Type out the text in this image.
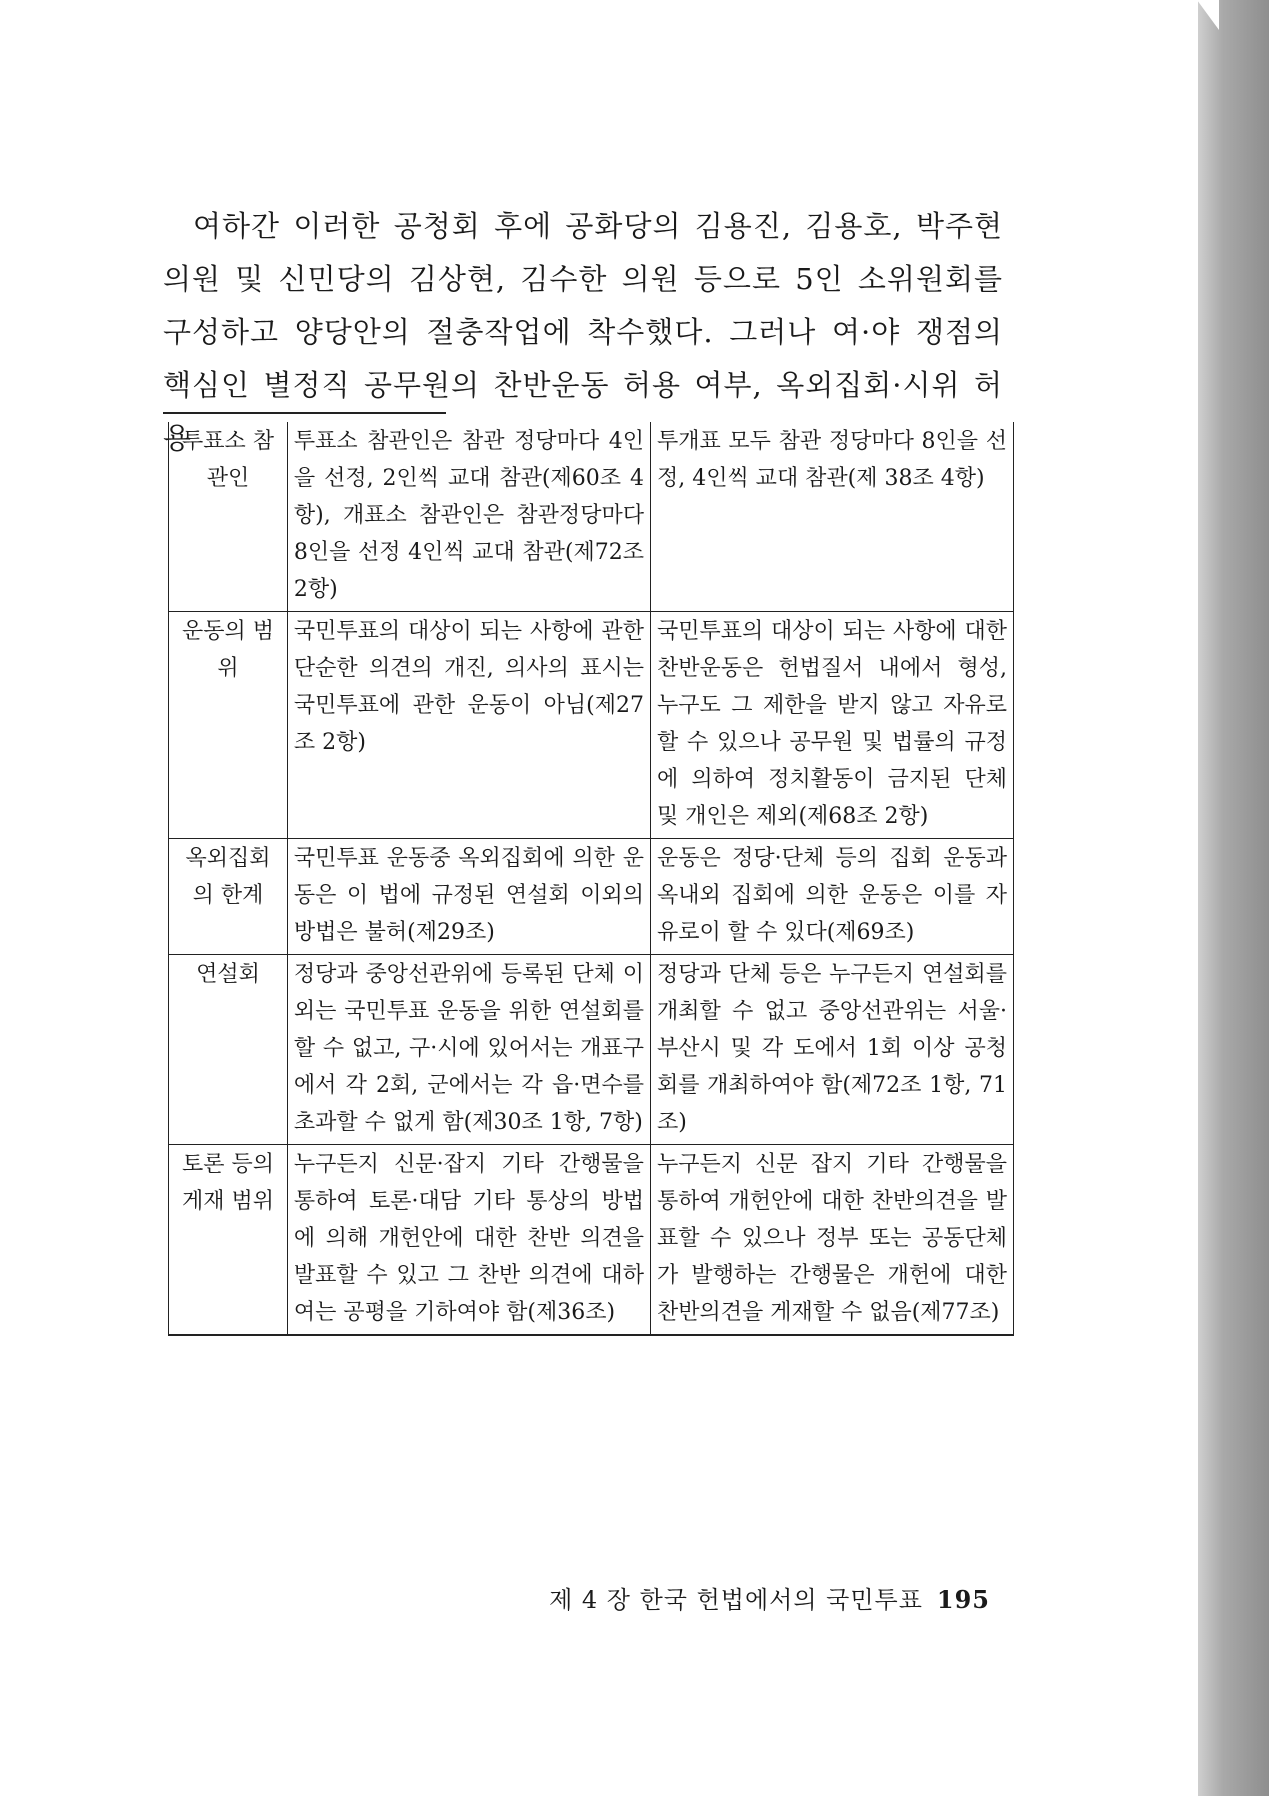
여하간 이러한 공청회 후에 공화당의 김용진, 김용호, 박주현 의원 및 신민당의 김상현, 김수한 의원 등으로 5인 소위원회를 구성하고 양당안의 절충작업에 착수했다. 그러나 여·야 쟁점의 핵심인 별정직 공무원의 찬반운동 허용 여부, 옥외집회·시위 허용

투표소 참관인	투표소 참관인은 참관 정당마다 4인을 선정, 2인씩 교대 참관(제60조 4항), 개표소 참관인은 참관정당마다 8인을 선정 4인씩 교대 참관(제72조 2항)	투개표 모두 참관 정당마다 8인을 선정, 4인씩 교대 참관(제 38조 4항)
운동의 범위	국민투표의 대상이 되는 사항에 관한 단순한 의견의 개진, 의사의 표시는 국민투표에 관한 운동이 아님(제27조 2항)	국민투표의 대상이 되는 사항에 대한 찬반운동은 헌법질서 내에서 형성, 누구도 그 제한을 받지 않고 자유로 할 수 있으나 공무원 및 법률의 규정에 의하여 정치활동이 금지된 단체 및 개인은 제외(제68조 2항)
옥외집회의 한계	국민투표 운동중 옥외집회에 의한 운동은 이 법에 규정된 연설회 이외의 방법은 불허(제29조)	운동은 정당·단체 등의 집회 운동과 옥내외 집회에 의한 운동은 이를 자유로이 할 수 있다(제69조)
연설회	정당과 중앙선관위에 등록된 단체 이외는 국민투표 운동을 위한 연설회를 할 수 없고, 구·시에 있어서는 개표구에서 각 2회, 군에서는 각 읍·면수를 초과할 수 없게 함(제30조 1항, 7항)	정당과 단체 등은 누구든지 연설회를 개최할 수 없고 중앙선관위는 서울·부산시 및 각 도에서 1회 이상 공청회를 개최하여야 함(제72조 1항, 71조)
토론 등의 게재 범위	누구든지 신문·잡지 기타 간행물을 통하여 토론·대담 기타 통상의 방법에 의해 개헌안에 대한 찬반 의견을 발표할 수 있고 그 찬반 의견에 대하여는 공평을 기하여야 함(제36조)	누구든지 신문 잡지 기타 간행물을 통하여 개헌안에 대한 찬반의견을 발표할 수 있으나 정부 또는 공동단체가 발행하는 간행물은 개헌에 대한 찬반의견을 게재할 수 없음(제77조)
제 4 장 한국 헌법에서의 국민투표 195
